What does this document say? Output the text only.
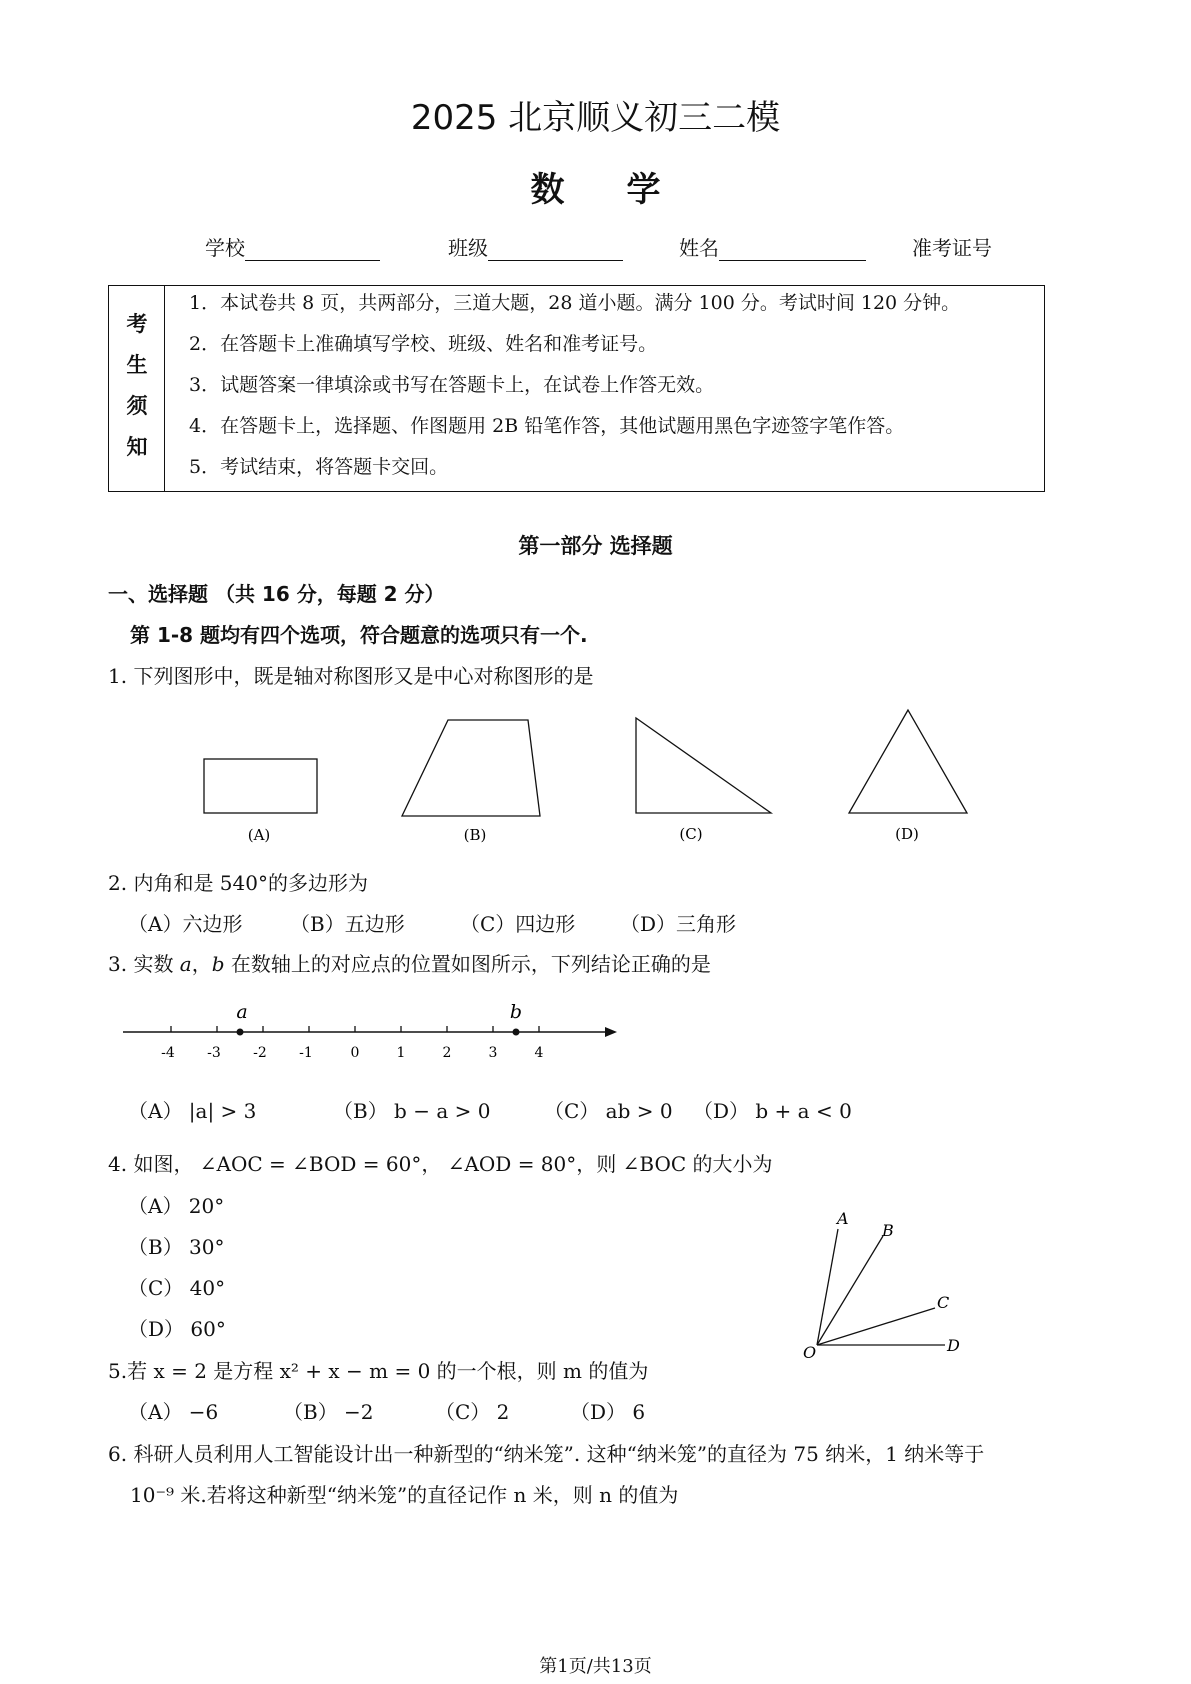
2025 北京顺义初三二模
数学
学校	班级	姓名	准考证号
考
生
须
知
1．本试卷共 8 页，共两部分，三道大题，28 道小题。满分 100 分。考试时间 120 分钟。
2．在答题卡上准确填写学校、班级、姓名和准考证号。
3．试题答案一律填涂或书写在答题卡上，在试卷上作答无效。
4．在答题卡上，选择题、作图题用 2B 铅笔作答，其他试题用黑色字迹签字笔作答。
5．考试结束，将答题卡交回。
第一部分 选择题
一、选择题 （共 16 分，每题 2 分）
第 1-8 题均有四个选项，符合题意的选项只有一个.
1. 下列图形中，既是轴对称图形又是中心对称图形的是
(A)	(B)	(C)	(D)
2. 内角和是 540°的多边形为
（A）六边形 （B）五边形	（C）四边形 （D）三角形
3. 实数 a，b 在数轴上的对应点的位置如图所示，下列结论正确的是
-4 -3 -2 -1	0	1	2	3	4
a	b
（A） |a| > 3	（B） b − a > 0	（C） ab > 0 （D） b + a < 0
4. 如图， ∠AOC = ∠BOD = 60°， ∠AOD = 80°，则 ∠BOC 的大小为
（A） 20°
（B） 30°
（C） 40°
（D） 60°
A
B
C
D
O
5.若 x = 2 是方程 x² + x − m = 0 的一个根，则 m 的值为
（A） −6	（B） −2	（C） 2	（D） 6
6. 科研人员利用人工智能设计出一种新型的“纳米笼”. 这种“纳米笼”的直径为 75 纳米，1 纳米等于
10⁻⁹ 米.若将这种新型“纳米笼”的直径记作 n 米，则 n 的值为
第1页/共13页
